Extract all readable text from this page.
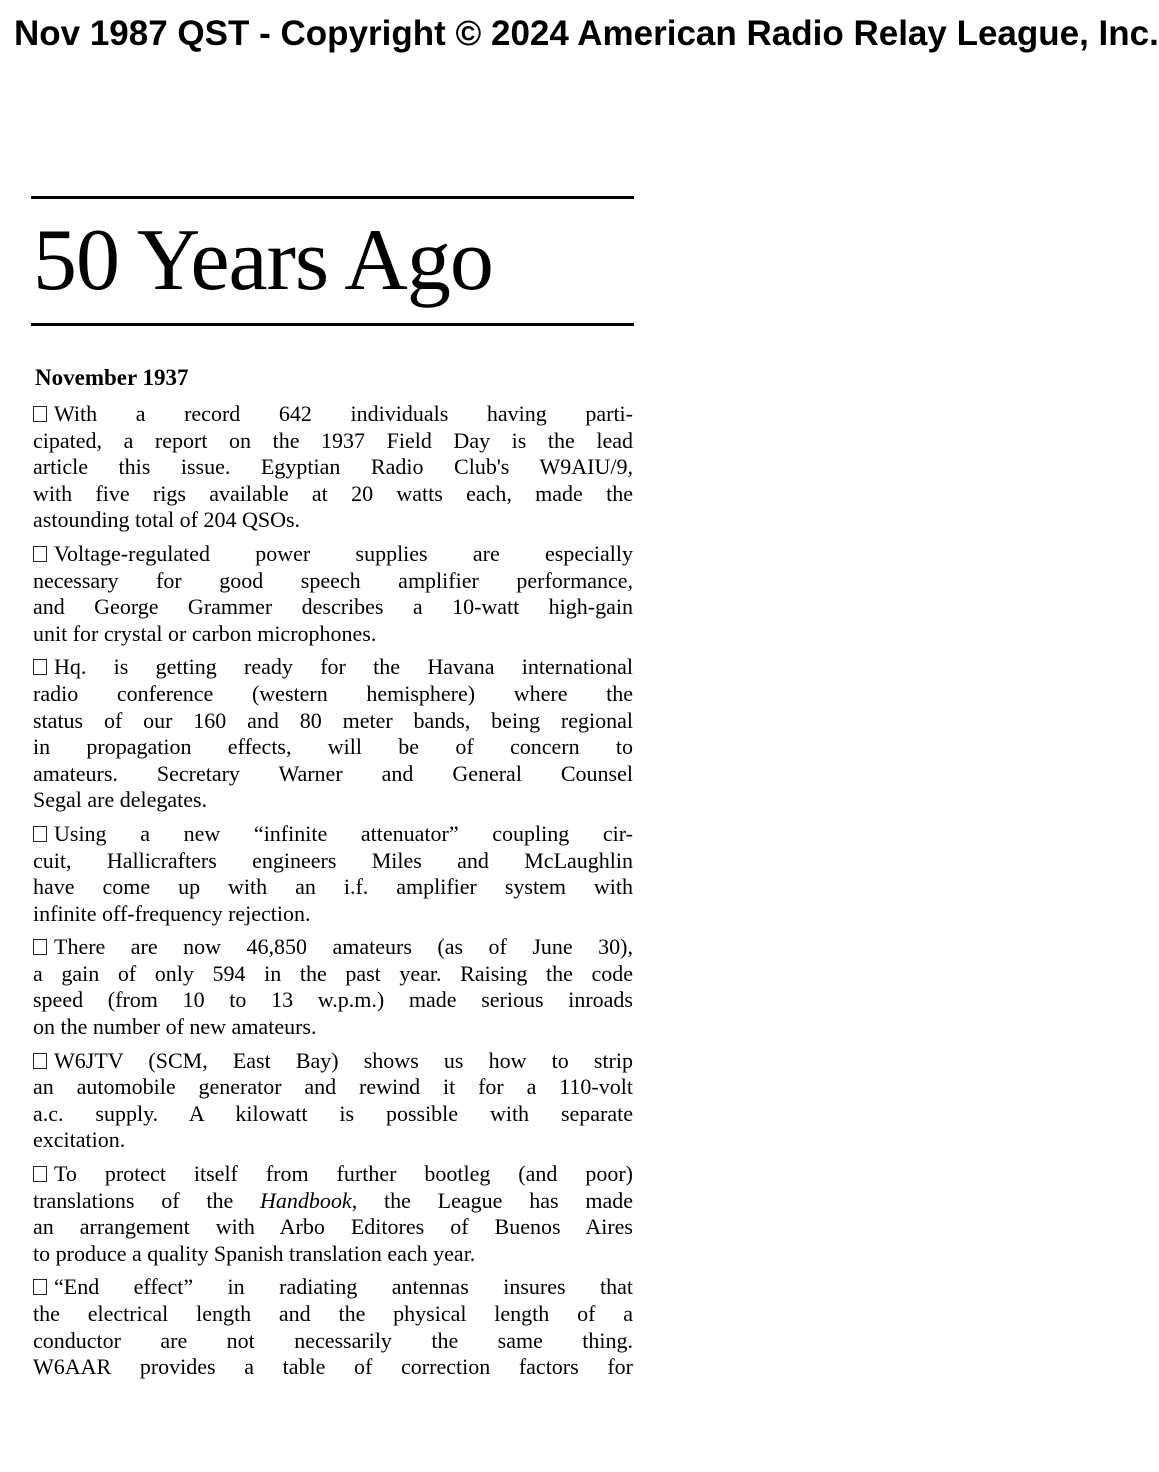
Nov 1987 QST - Copyright © 2024 American Radio Relay League, Inc.
50 Years Ago
November 1937
With a record 642 individuals having parti-
cipated, a report on the 1937 Field Day is the lead
article this issue. Egyptian Radio Club's W9AIU/9,
with five rigs available at 20 watts each, made the
astounding total of 204 QSOs.
Voltage-regulated power supplies are especially
necessary for good speech amplifier performance,
and George Grammer describes a 10-watt high-gain
unit for crystal or carbon microphones.
Hq. is getting ready for the Havana international
radio conference (western hemisphere) where the
status of our 160 and 80 meter bands, being regional
in propagation effects, will be of concern to
amateurs. Secretary Warner and General Counsel
Segal are delegates.
Using a new “infinite attenuator” coupling cir-
cuit, Hallicrafters engineers Miles and McLaughlin
have come up with an i.f. amplifier system with
infinite off-frequency rejection.
There are now 46,850 amateurs (as of June 30),
a gain of only 594 in the past year. Raising the code
speed (from 10 to 13 w.p.m.) made serious inroads
on the number of new amateurs.
W6JTV (SCM, East Bay) shows us how to strip
an automobile generator and rewind it for a 110-volt
a.c. supply. A kilowatt is possible with separate
excitation.
To protect itself from further bootleg (and poor)
translations of the Handbook, the League has made
an arrangement with Arbo Editores of Buenos Aires
to produce a quality Spanish translation each year.
“End effect” in radiating antennas insures that
the electrical length and the physical length of a
conductor are not necessarily the same thing.
W6AAR provides a table of correction factors for
